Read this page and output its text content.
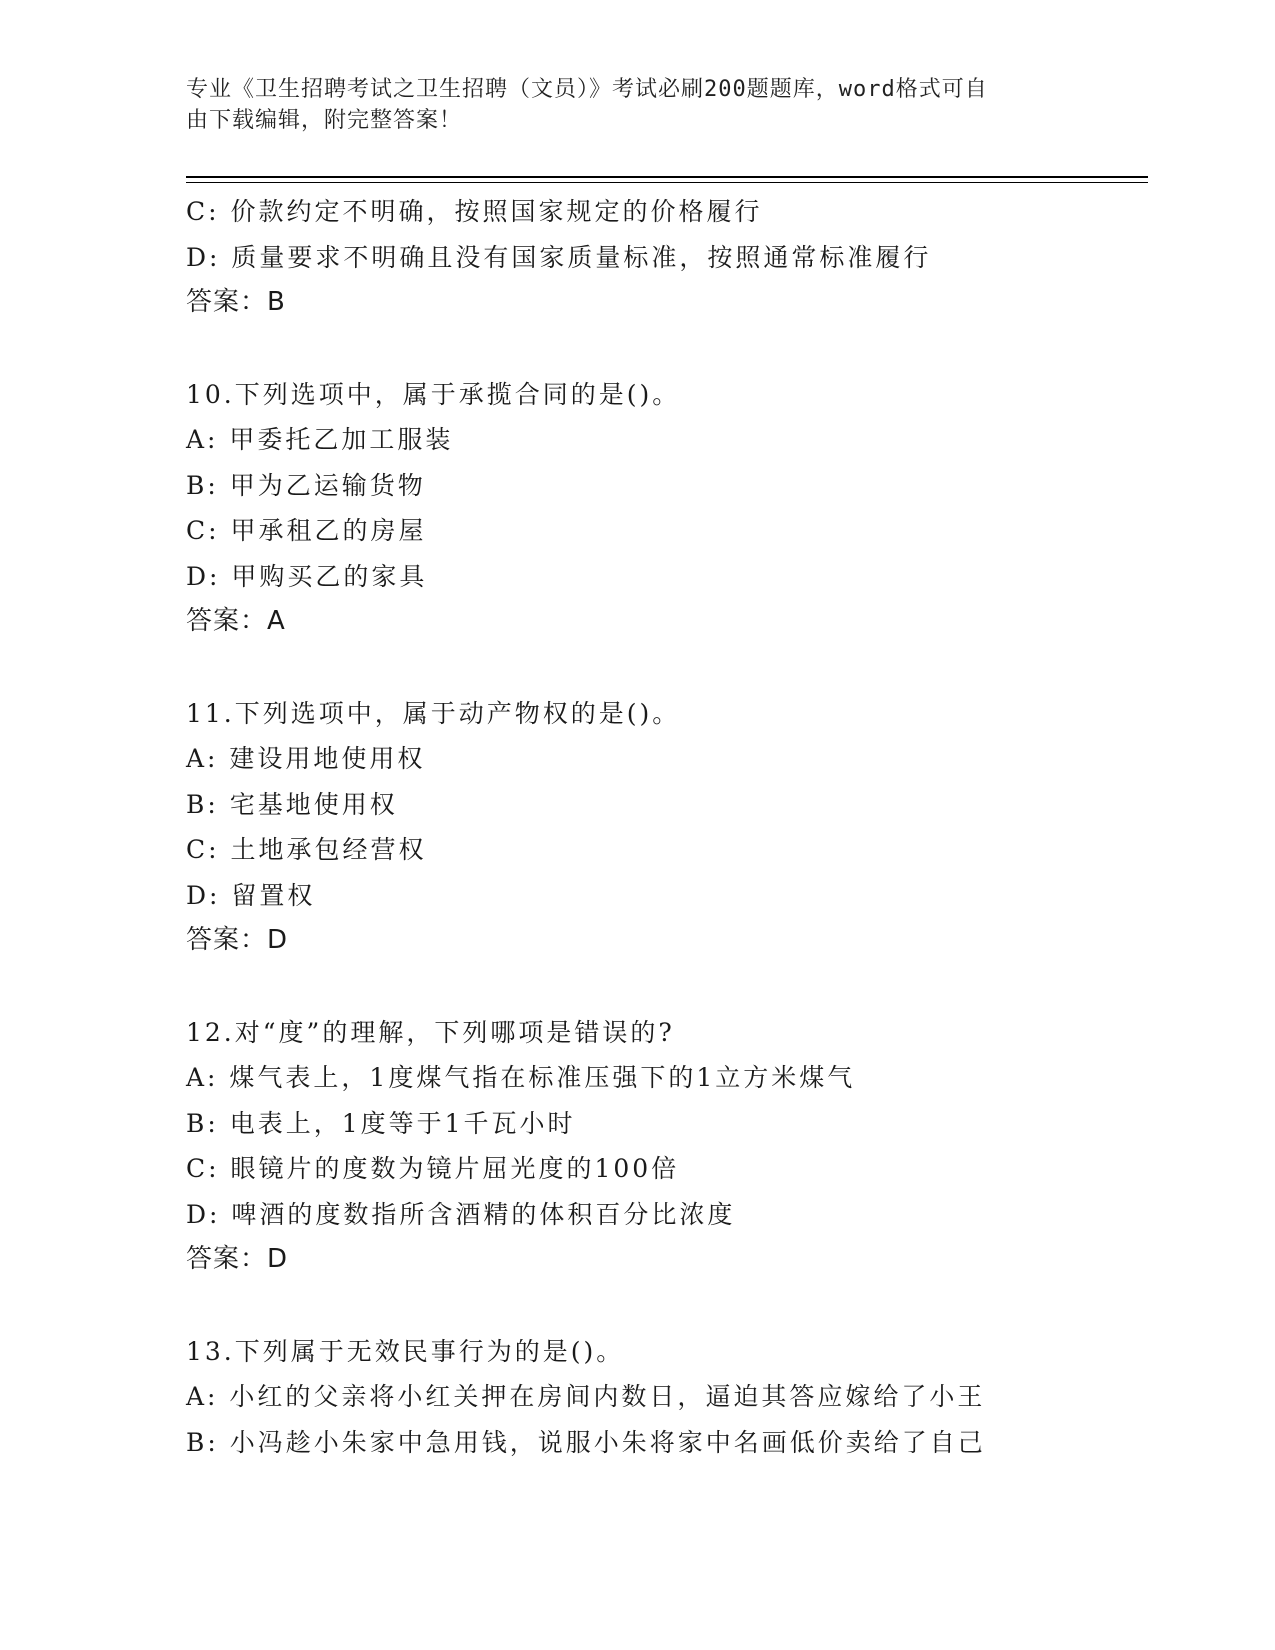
专业《卫生招聘考试之卫生招聘（文员）》考试必刷200题题库，word格式可自

由下载编辑，附完整答案！

C: 价款约定不明确，按照国家规定的价格履行
D: 质量要求不明确且没有国家质量标准，按照通常标准履行
答案：B
10.下列选项中，属于承揽合同的是()。
A: 甲委托乙加工服装
B: 甲为乙运输货物
C: 甲承租乙的房屋
D: 甲购买乙的家具
答案：A
11.下列选项中，属于动产物权的是()。
A: 建设用地使用权
B: 宅基地使用权
C: 土地承包经营权
D: 留置权
答案：D
12.对“度”的理解，下列哪项是错误的?
A: 煤气表上，1度煤气指在标准压强下的1立方米煤气
B: 电表上，1度等于1千瓦小时
C: 眼镜片的度数为镜片屈光度的100倍
D: 啤酒的度数指所含酒精的体积百分比浓度
答案：D
13.下列属于无效民事行为的是()。
A: 小红的父亲将小红关押在房间内数日，逼迫其答应嫁给了小王
B: 小冯趁小朱家中急用钱，说服小朱将家中名画低价卖给了自己
